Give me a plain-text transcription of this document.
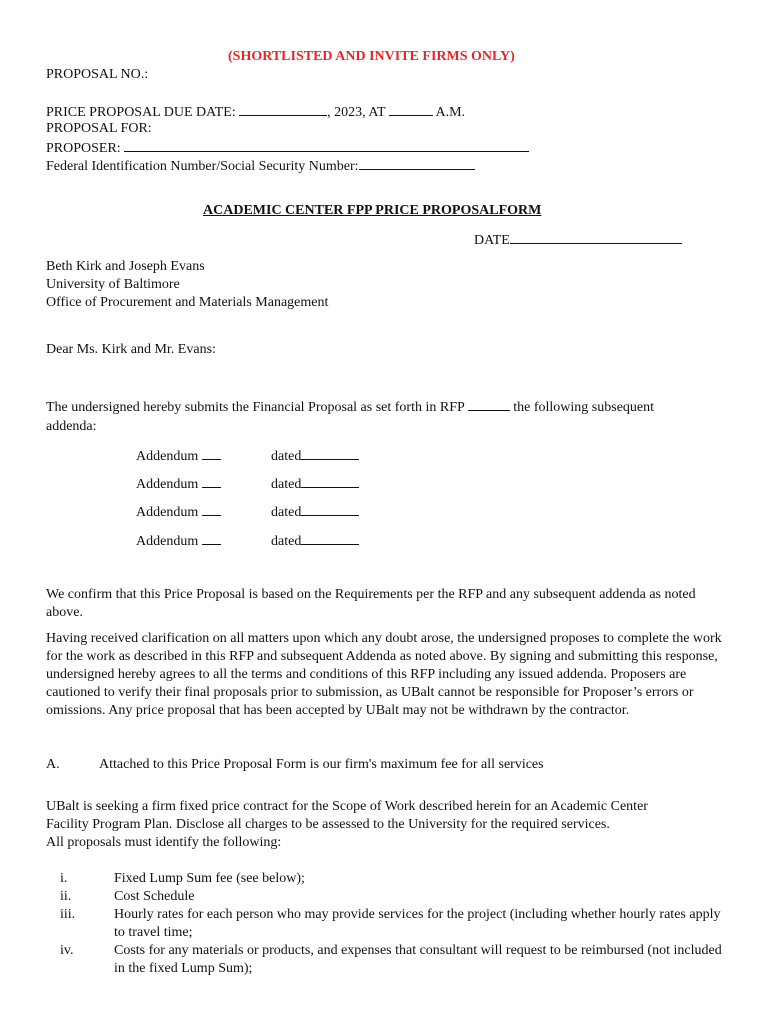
(SHORTLISTED AND INVITE FIRMS ONLY)
PROPOSAL NO.:
PRICE PROPOSAL DUE DATE:	, 2023, AT	A.M.
PROPOSAL FOR:
PROPOSER:
Federal Identification Number/Social Security Number:
ACADEMIC CENTER FPP PRICE PROPOSALFORM
DATE
Beth Kirk and Joseph Evans
University of Baltimore
Office of Procurement and Materials Management
Dear Ms. Kirk and Mr. Evans:
The undersigned hereby submits the Financial Proposal as set forth in RFP	the following subsequent
addenda:
Addendum	dated
Addendum	dated
Addendum	dated
Addendum	dated
We confirm that this Price Proposal is based on the Requirements per the RFP and any subsequent addenda as noted above.
Having received clarification on all matters upon which any doubt arose, the undersigned proposes to complete the work for the work as described in this RFP and subsequent Addenda as noted above. By signing and submitting this response, undersigned hereby agrees to all the terms and conditions of this RFP including any issued addenda. Proposers are cautioned to verify their final proposals prior to submission, as UBalt cannot be responsible for Proposer’s errors or omissions. Any price proposal that has been accepted by UBalt may not be withdrawn by the contractor.
A.	Attached to this Price Proposal Form is our firm's maximum fee for all services
UBalt is seeking a firm fixed price contract for the Scope of Work described herein for an Academic Center
Facility Program Plan. Disclose all charges to be assessed to the University for the required services.
All proposals must identify the following:
i.	Fixed Lump Sum fee (see below);
ii.	Cost Schedule
iii.	Hourly rates for each person who may provide services for the project (including whether hourly rates apply to travel time;
iv.	Costs for any materials or products, and expenses that consultant will request to be reimbursed (not included in the fixed Lump Sum);
